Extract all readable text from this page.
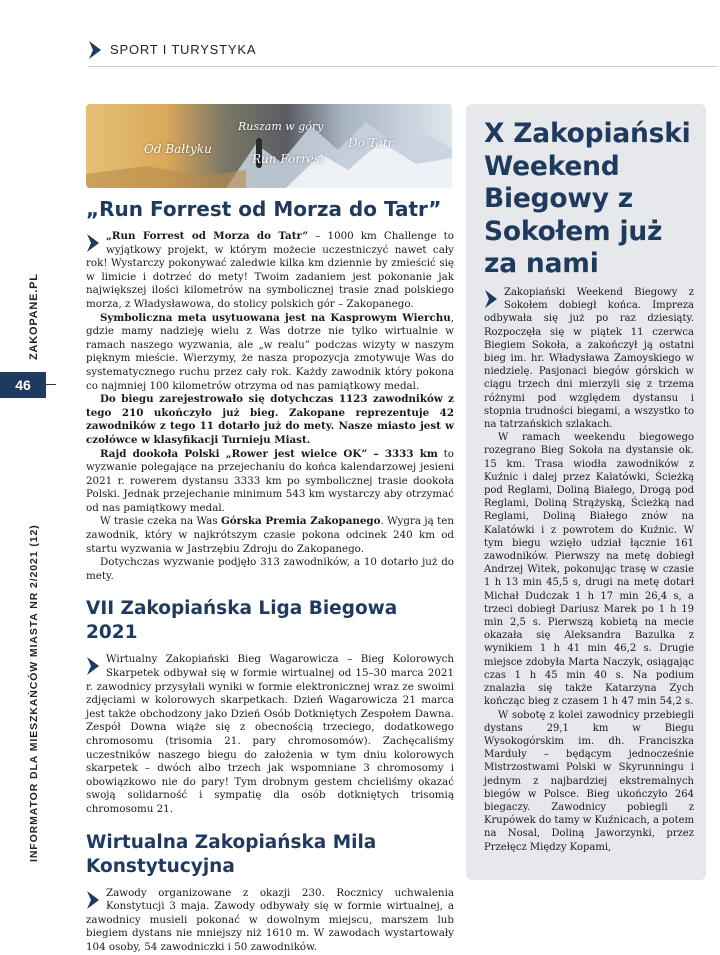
SPORT I TURYSTYKA
ZAKOPANE.PL
46
INFORMATOR DLA MIESZKAŃCÓW MIASTA NR 2/2021 (12)
Od Bałtyku
Ruszam w góry
Run Forrest
Do Tatr
„Run Forrest od Morza do Tatr”

„Run Forrest od Morza do Tatr” – 1000 km Challenge to wyjątkowy projekt, w którym możecie uczestniczyć nawet cały rok! Wystarczy pokonywać zaledwie kilka km dziennie by zmieścić się w limicie i dotrzeć do mety! Twoim zadaniem jest pokonanie jak największej ilości kilometrów na symbolicznej trasie znad polskiego morza, z Władysławowa, do stolicy polskich gór – Zakopanego.

Symboliczna meta usytuowana jest na Kasprowym Wierchu, gdzie mamy nadzieję wielu z Was dotrze nie tylko wirtualnie w ramach naszego wyzwania, ale „w realu” podczas wizyty w naszym pięknym mieście. Wierzymy, że nasza propozycja zmotywuje Was do systematycznego ruchu przez cały rok. Każdy zawodnik który pokona co najmniej 100 kilometrów otrzyma od nas pamiątkowy medal.

Do biegu zarejestrowało się dotychczas 1123 zawodników z tego 210 ukończyło już bieg. Zakopane reprezentuje 42 zawodników z tego 11 dotarło już do mety. Nasze miasto jest w czołówce w klasyfikacji Turnieju Miast.

Rajd dookoła Polski „Rower jest wielce OK” – 3333 km to wyzwanie polegające na przejechaniu do końca kalendarzowej jesieni 2021 r. rowerem dystansu 3333 km po symbolicznej trasie dookoła Polski. Jednak przejechanie minimum 543 km wystarczy aby otrzymać od nas pamiątkowy medal.

W trasie czeka na Was Górska Premia Zakopanego. Wygra ją ten zawodnik, który w najkrótszym czasie pokona odcinek 240 km od startu wyzwania w Jastrzębiu Zdroju do Zakopanego.

Dotychczas wyzwanie podjęło 313 zawodników, a 10 dotarło już do mety.

VII Zakopiańska Liga Biegowa 2021

Wirtualny Zakopiański Bieg Wagarowicza – Bieg Kolorowych Skarpetek odbywał się w formie wirtualnej od 15–30 marca 2021 r. zawodnicy przysyłali wyniki w formie elektronicznej wraz ze swoimi zdjęciami w kolorowych skarpetkach. Dzień Wagarowicza 21 marca jest także obchodzony jako Dzień Osób Dotkniętych Zespołem Dawna. Zespół Downa wiąże się z obecnością trzeciego, dodatkowego chromosomu (trisomia 21. pary chromosomów). Zachęcaliśmy uczestników naszego biegu do założenia w tym dniu kolorowych skarpetek – dwóch albo trzech jak wspomniane 3 chromosomy i obowiązkowo nie do pary! Tym drobnym gestem chcieliśmy okazać swoją solidarność i sympatię dla osób dotkniętych trisomią chromosomu 21.

Wirtualna Zakopiańska Mila Konstytucyjna

Zawody organizowane z okazji 230. Rocznicy uchwalenia Konstytucji 3 maja. Zawody odbywały się w formie wirtualnej, a zawodnicy musieli pokonać w dowolnym miejscu, marszem lub biegiem dystans nie mniejszy niż 1610 m. W zawodach wystartowały 104 osoby, 54 zawodniczki i 50 zawodników.

X Zakopiański Weekend Biegowy z Sokołem już za nami

Zakopiański Weekend Biegowy z Sokołem dobiegł końca. Impreza odbywała się już po raz dziesiąty. Rozpoczęła się w piątek 11 czerwca Biegiem Sokoła, a zakończył ją ostatni bieg im. hr. Władysława Zamoyskiego w niedzielę. Pasjonaci biegów górskich w ciągu trzech dni mierzyli się z trzema różnymi pod względem dystansu i stopnia trudności biegami, a wszystko to na tatrzańskich szlakach.

W ramach weekendu biegowego rozegrano Bieg Sokoła na dystansie ok. 15 km. Trasa wiodła zawodników z Kuźnic i dalej przez Kalatówki, Ścieżką pod Reglami, Doliną Białego, Drogą pod Reglami, Doliną Strążyską, Ścieżką nad Reglami, Doliną Białego znów na Kalatówki i z powrotem do Kuźnic. W tym biegu wzięło udział łącznie 161 zawodników. Pierwszy na metę dobiegł Andrzej Witek, pokonując trasę w czasie 1 h 13 min 45,5 s, drugi na metę dotarł Michał Dudczak 1 h 17 min 26,4 s, a trzeci dobiegł Dariusz Marek po 1 h 19 min 2,5 s. Pierwszą kobietą na mecie okazała się Aleksandra Bazulka z wynikiem 1 h 41 min 46,2 s. Drugie miejsce zdobyła Marta Naczyk, osiągając czas 1 h 45 min 40 s. Na podium znalazła się także Katarzyna Zych kończąc bieg z czasem 1 h 47 min 54,2 s.

W sobotę z kolei zawodnicy przebiegli dystans 29,1 km w Biegu Wysokogórskim im. dh. Franciszka Marduły – będącym jednocześnie Mistrzostwami Polski w Skyrunningu i jednym z najbardziej ekstremalnych biegów w Polsce. Bieg ukończyło 264 biegaczy. Zawodnicy pobiegli z Krupówek do tamy w Kuźnicach, a potem na Nosal, Doliną Jaworzynki, przez Przełęcz Między Kopami,
